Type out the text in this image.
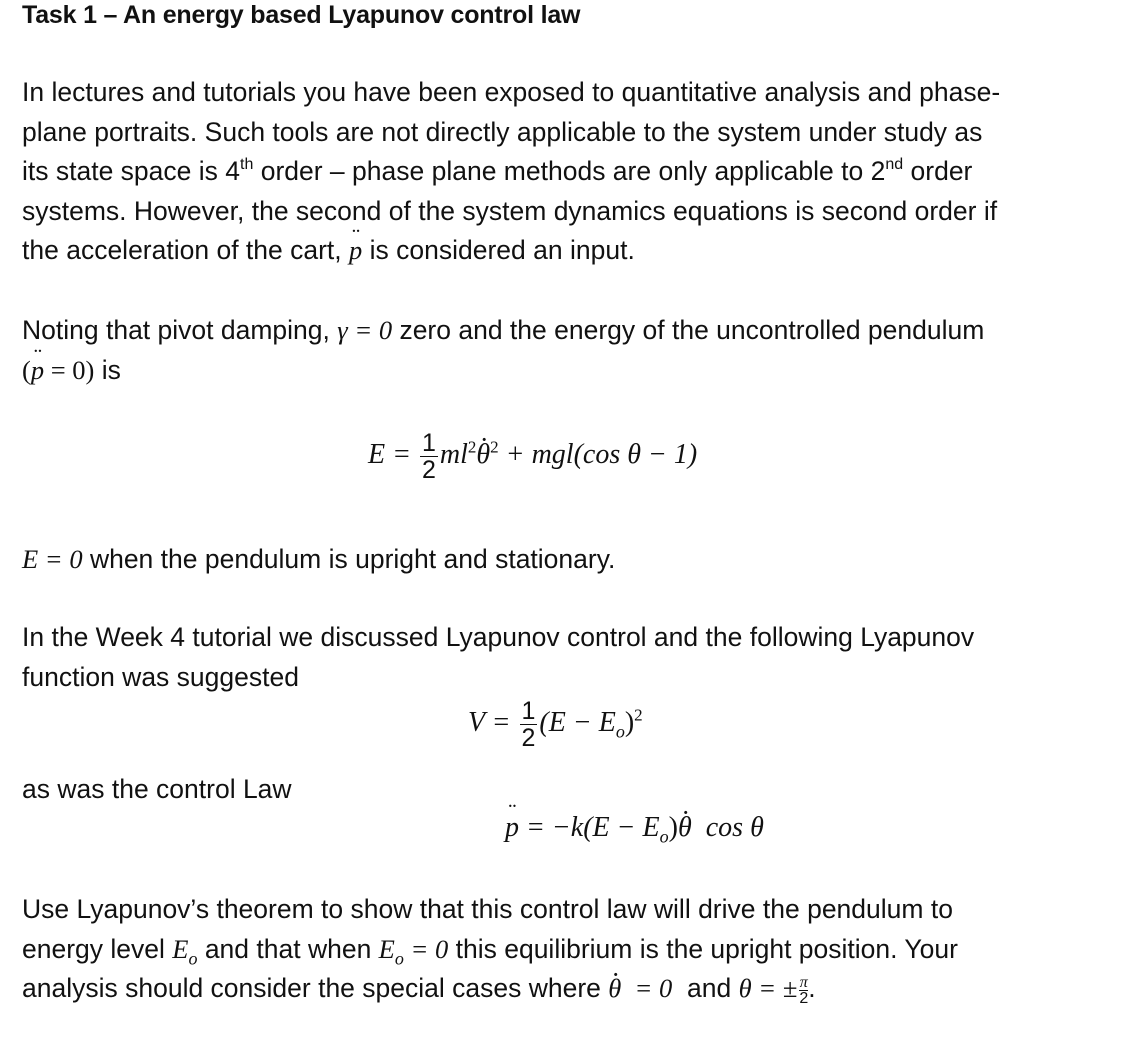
Task 1 – An energy based Lyapunov control law
In lectures and tutorials you have been exposed to quantitative analysis and phase-
plane portraits. Such tools are not directly applicable to the system under study as
its state space is 4th order – phase plane methods are only applicable to 2nd order
systems. However, the second of the system dynamics equations is second order if
the acceleration of the cart, p ¨ is considered an input.
Noting that pivot damping, γ = 0 zero and the energy of the uncontrolled pendulum
(p ¨ = 0) is
$E = \frac{1}{2} ml^2\theta \cdot^2 + mgl(\cos$ θ − 1)
E = 0 when the pendulum is upright and stationary.
In the Week 4 tutorial we discussed Lyapunov control and the following Lyapunov
function was suggested
$V = \frac{1}{2} (E - E_o)^2$
as was the control Law
p ¨ = $-k(E - E_o)\theta \cdot \cos \theta$
Use Lyapunov’s theorem to show that this control law will drive the pendulum to
energy level $E_o$ and that when $E_o = 0$ this equilibrium is the upright position. Your
analysis should consider the special cases where θ ·  = 0  and θ = ± $\frac{\pi}{2}$ .
